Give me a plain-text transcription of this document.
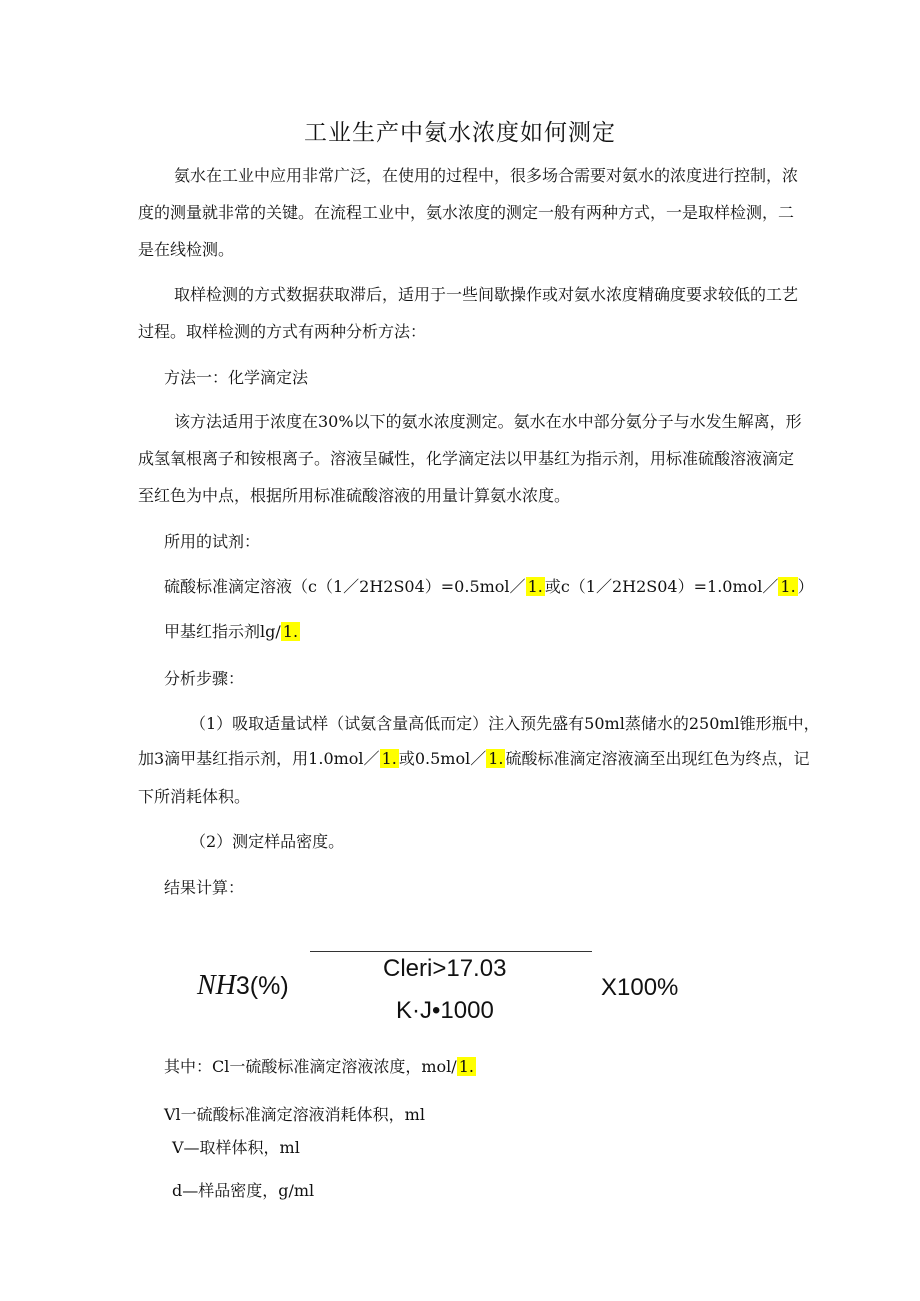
工业生产中氨水浓度如何测定
氨水在工业中应用非常广泛，在使用的过程中，很多场合需要对氨水的浓度进行控制，浓
度的测量就非常的关键。在流程工业中，氨水浓度的测定一般有两种方式，一是取样检测，二
是在线检测。
取样检测的方式数据获取滞后，适用于一些间歇操作或对氨水浓度精确度要求较低的工艺
过程。取样检测的方式有两种分析方法：
方法一：化学滴定法
该方法适用于浓度在30%以下的氨水浓度测定。氨水在水中部分氨分子与水发生解离，形
成氢氧根离子和铵根离子。溶液呈碱性，化学滴定法以甲基红为指示剂，用标准硫酸溶液滴定
至红色为中点，根据所用标准硫酸溶液的用量计算氨水浓度。
所用的试剂：
硫酸标准滴定溶液（c（1／2H2S04）=0.5mol／ 1. 或c（1／2H2S04）=1.0mol／ 1. ）
甲基红指示剂lg/ 1.
分析步骤：
（1）吸取适量试样（试氨含量高低而定）注入预先盛有50ml蒸储水的250ml锥形瓶中，
加3滴甲基红指示剂，用1.0mol／ 1. 或0.5mol／ 1. 硫酸标准滴定溶液滴至出现红色为终点，记
下所消耗体积。
（2）测定样品密度。
结果计算：
NH3(%)
Cleri>17.03
K·J•1000
X100%
其中：Cl一硫酸标准滴定溶液浓度，mol/ 1.
Vl一硫酸标准滴定溶液消耗体积，ml
V—取样体积，ml
d—样品密度，g/ml
